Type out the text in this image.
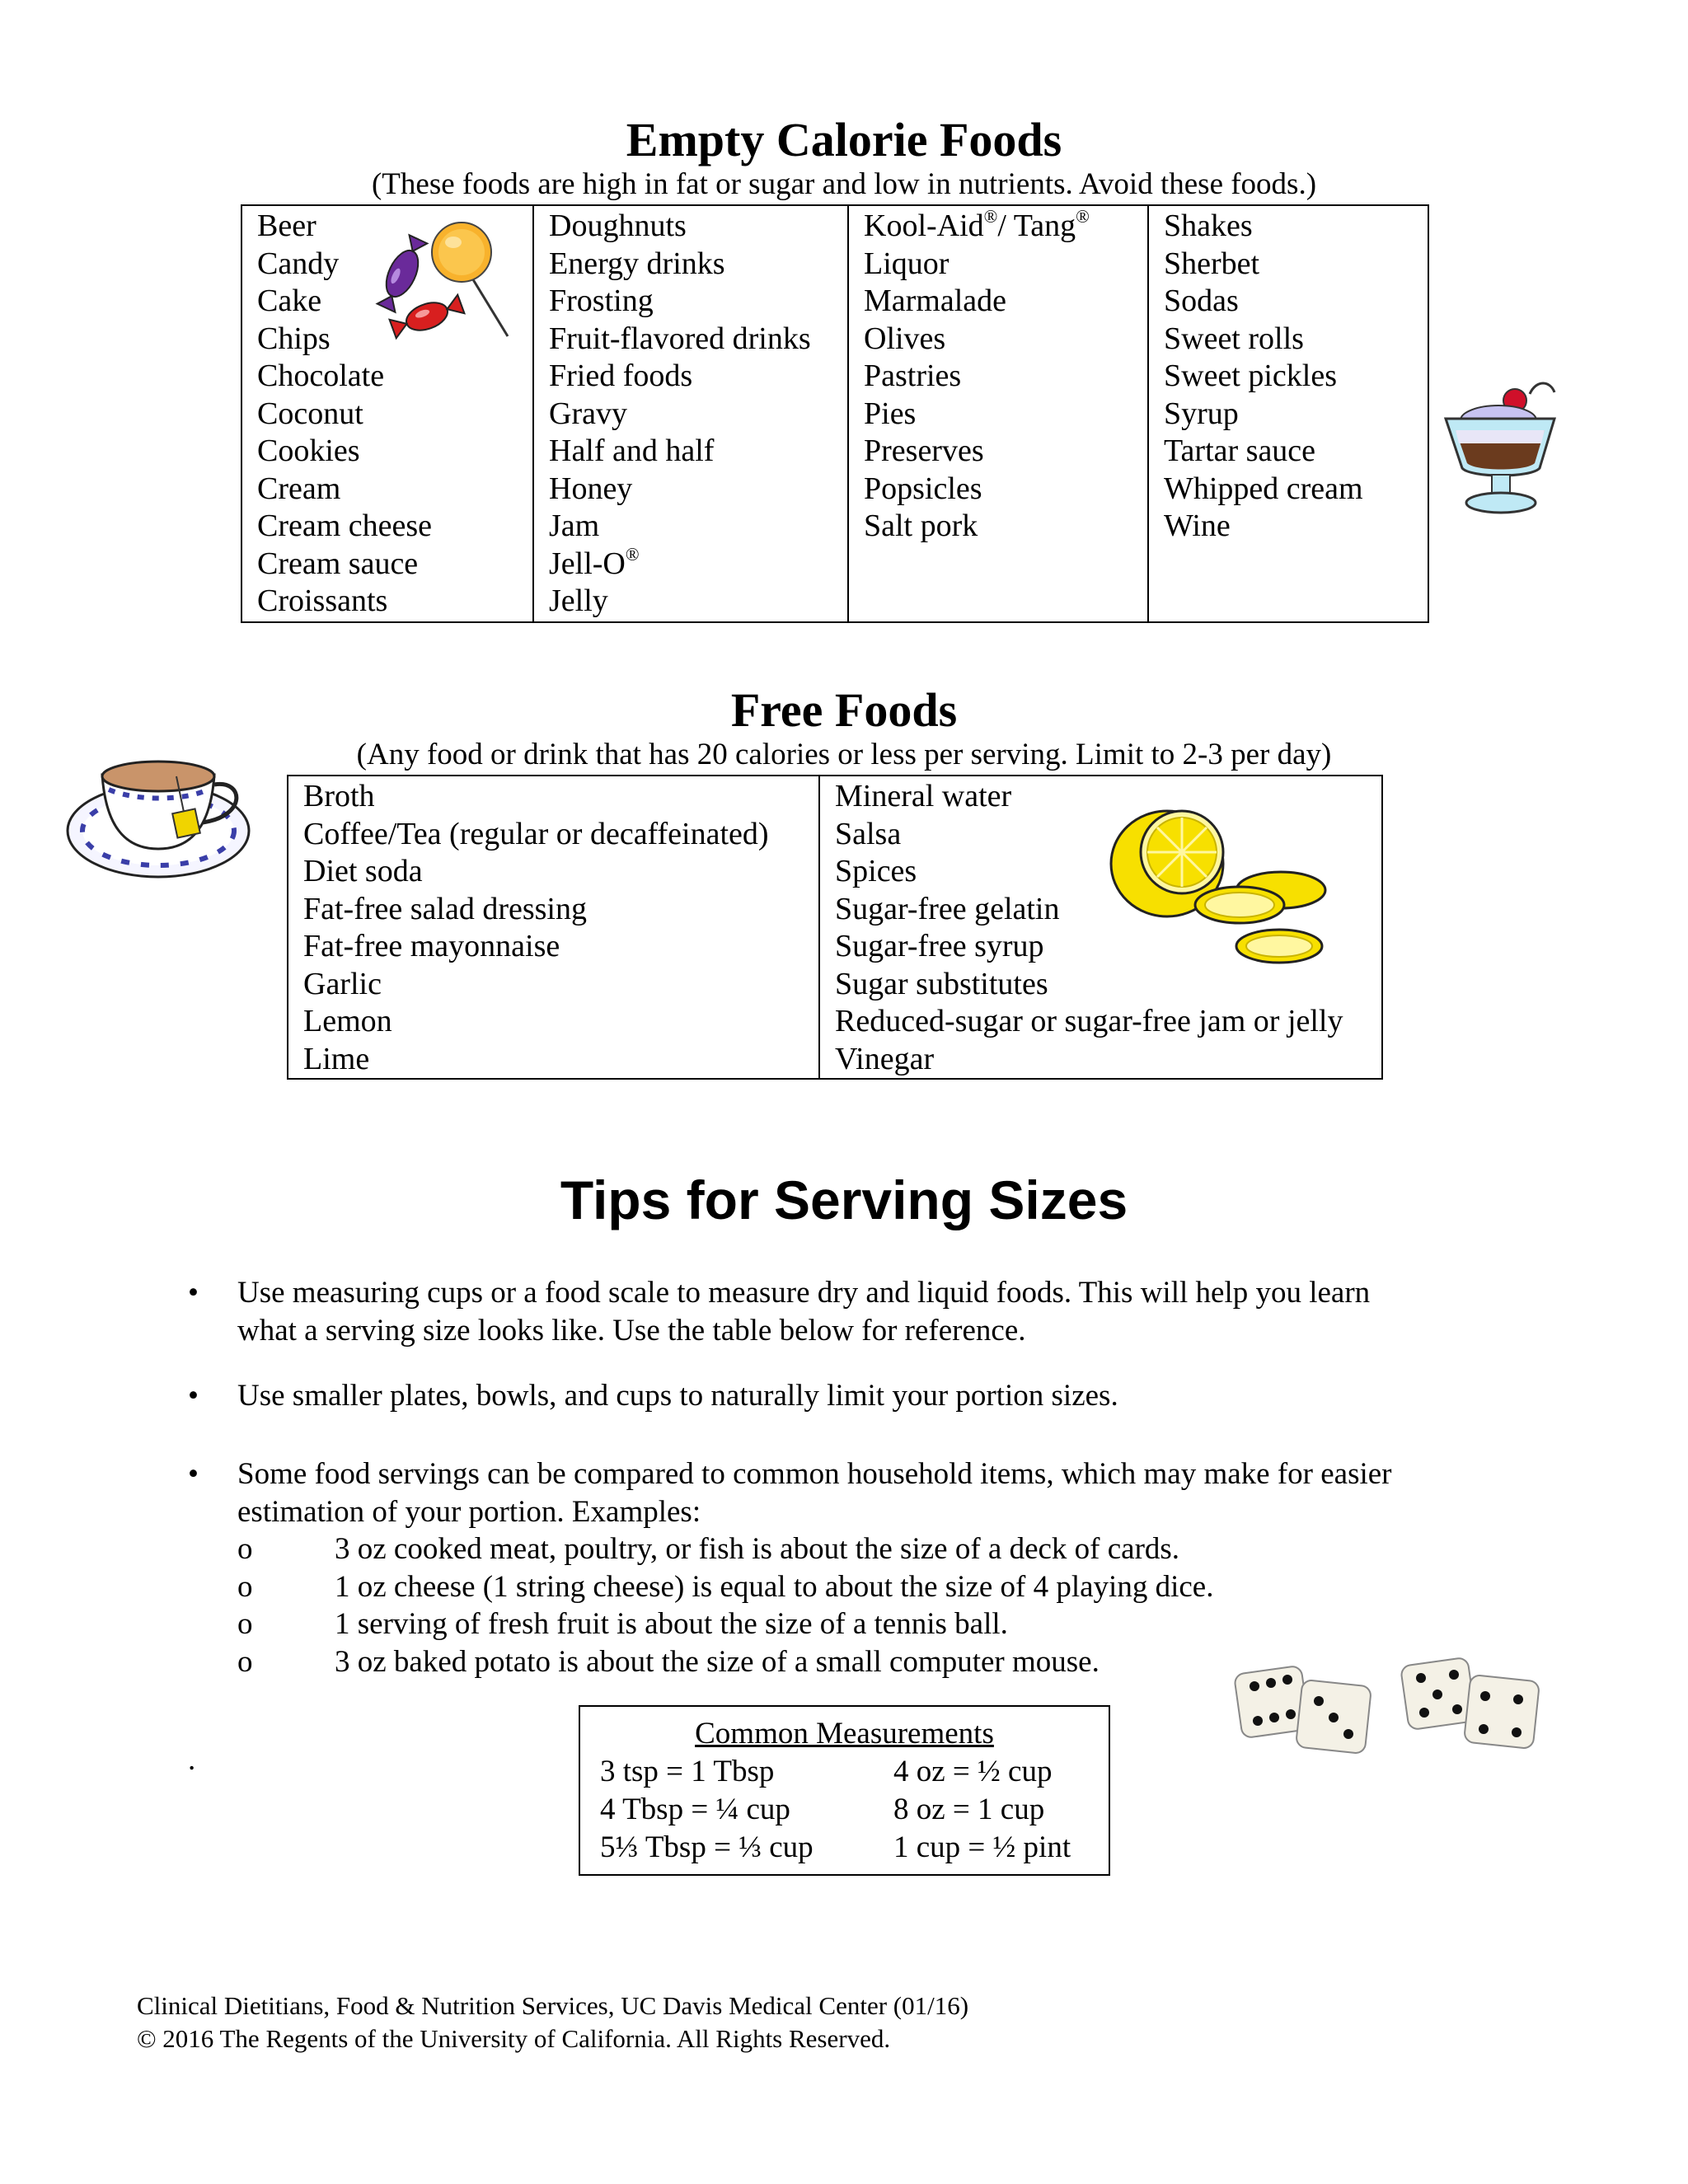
Empty Calorie Foods
(These foods are high in fat or sugar and low in nutrients. Avoid these foods.)
Beer
Candy
Cake
Chips
Chocolate
Coconut
Cookies
Cream
Cream cheese
Cream sauce
Croissants

Doughnuts
Energy drinks
Frosting
Fruit-flavored drinks
Fried foods
Gravy
Half and half
Honey
Jam
Jell-O®
Jelly

Kool-Aid®/ Tang®
Liquor
Marmalade
Olives
Pastries
Pies
Preserves
Popsicles
Salt pork

Shakes
Sherbet
Sodas
Sweet rolls
Sweet pickles
Syrup
Tartar sauce
Whipped cream
Wine
Free Foods
(Any food or drink that has 20 calories or less per serving. Limit to 2-3 per day)
Broth
Coffee/Tea (regular or decaffeinated)
Diet soda
Fat-free salad dressing
Fat-free mayonnaise
Garlic
Lemon
Lime

Mineral water
Salsa
Spices
Sugar-free gelatin
Sugar-free syrup
Sugar substitutes
Reduced-sugar or sugar-free jam or jelly
Vinegar
Tips for Serving Sizes
• Use measuring cups or a food scale to measure dry and liquid foods. This will help you learn
what a serving size looks like. Use the table below for reference.
• Use smaller plates, bowls, and cups to naturally limit your portion sizes.
• Some food servings can be compared to common household items, which may make for easier
estimation of your portion. Examples:
o	3 oz cooked meat, poultry, or fish is about the size of a deck of cards.
o	1 oz cheese (1 string cheese) is equal to about the size of 4 playing dice.
o	1 serving of fresh fruit is about the size of a tennis ball.
o	3 oz baked potato is about the size of a small computer mouse.
.
Common Measurements
3 tsp = 1 Tbsp	4 oz = ½ cup
4 Tbsp = ¼ cup	8 oz = 1 cup
5⅓ Tbsp = ⅓ cup	1 cup = ½ pint
Clinical Dietitians, Food & Nutrition Services, UC Davis Medical Center (01/16)
© 2016 The Regents of the University of California. All Rights Reserved.
